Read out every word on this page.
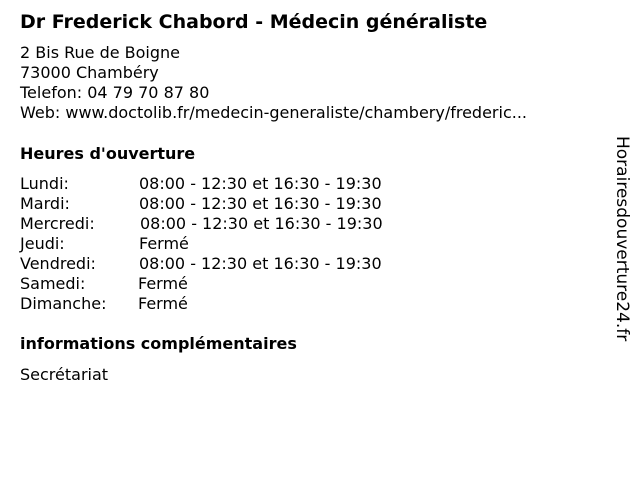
Dr Frederick Chabord - Médecin généraliste
2 Bis Rue de Boigne
73000 Chambéry
Telefon: 04 79 70 87 80
Web: www.doctolib.fr/medecin-generaliste/chambery/frederic...
Heures d'ouverture
Lundi:	08:00 - 12:30 et 16:30 - 19:30
Mardi:	08:00 - 12:30 et 16:30 - 19:30
Mercredi:	08:00 - 12:30 et 16:30 - 19:30
Jeudi:	Fermé
Vendredi:	08:00 - 12:30 et 16:30 - 19:30
Samedi:	Fermé
Dimanche: Fermé
informations complémentaires
Secrétariat
Horairesdouverture24.fr
